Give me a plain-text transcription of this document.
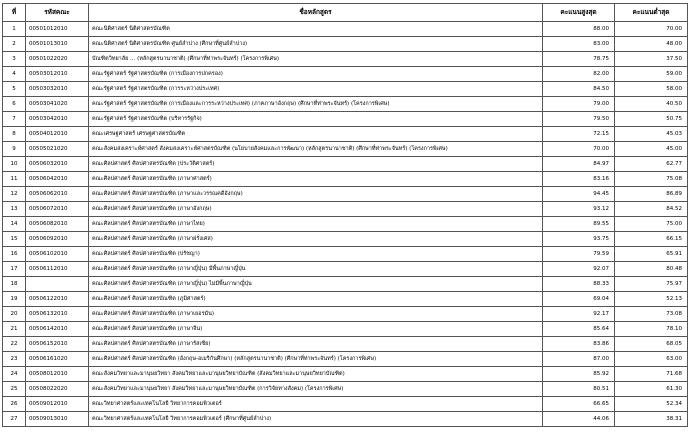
ที่	รหัสคณะ	ชื่อหลักสูตร	คะแนนสูงสุด	คะแนนต่ำสุด
1	00501012010	คณะนิติศาสตร์ นิติศาสตรบัณฑิต	88.00	70.00
2	00501013010	คณะนิติศาสตร์ นิติศาสตรบัณฑิต ศูนย์ลำปาง (ศึกษาที่ศูนย์ลำปาง)	83.00	48.00
3	00501022020	บัณฑิตวิทยาลัย ... (หลักสูตรนานาชาติ) (ศึกษาที่ท่าพระจันทร์) (โครงการพิเศษ)	78.75	37.50
4	00503012010	คณะรัฐศาสตร์ รัฐศาสตรบัณฑิต (การเมืองการปกครอง)	82.00	59.00
5	00503032010	คณะรัฐศาสตร์ รัฐศาสตรบัณฑิต (การระหว่างประเทศ)	84.50	58.00
6	00503041020	คณะรัฐศาสตร์ รัฐศาสตรบัณฑิต (การเมืองและการระหว่างประเทศ) (ภาคภาษาอังกฤษ) (ศึกษาที่ท่าพระจันทร์) (โครงการพิเศษ)	79.00	40.50
7	00503042010	คณะรัฐศาสตร์ รัฐศาสตรบัณฑิต (บริหารรัฐกิจ)	79.50	50.75
8	00504012010	คณะเศรษฐศาสตร์ เศรษฐศาสตรบัณฑิต	72.15	45.03
9	00505021020	คณะสังคมสงเคราะห์ศาสตร์ สังคมสงเคราะห์ศาสตรบัณฑิต (นโยบายสังคมและการพัฒนา) (หลักสูตรนานาชาติ) (ศึกษาที่ท่าพระจันทร์) (โครงการพิเศษ)	70.00	45.00
10	00506032010	คณะศิลปศาสตร์ ศิลปศาสตรบัณฑิต (ประวัติศาสตร์)	84.97	62.77
11	00506042010	คณะศิลปศาสตร์ ศิลปศาสตรบัณฑิต (ภาษาศาสตร์)	83.16	75.08
12	00506062010	คณะศิลปศาสตร์ ศิลปศาสตรบัณฑิต (ภาษาและวรรณคดีอังกฤษ)	94.45	86.89
13	00506072010	คณะศิลปศาสตร์ ศิลปศาสตรบัณฑิต (ภาษาอังกฤษ)	93.12	84.52
14	00506082010	คณะศิลปศาสตร์ ศิลปศาสตรบัณฑิต (ภาษาไทย)	89.55	75.00
15	00506092010	คณะศิลปศาสตร์ ศิลปศาสตรบัณฑิต (ภาษาฝรั่งเศส)	93.75	66.15
16	00506102010	คณะศิลปศาสตร์ ศิลปศาสตรบัณฑิต (ปรัชญา)	79.59	65.91
17	00506112010	คณะศิลปศาสตร์ ศิลปศาสตรบัณฑิต (ภาษาญี่ปุ่น) มีพื้นภาษาญี่ปุ่น	92.07	80.48
18		คณะศิลปศาสตร์ ศิลปศาสตรบัณฑิต (ภาษาญี่ปุ่น) ไม่มีพื้นภาษาญี่ปุ่น	88.33	75.97
19	00506122010	คณะศิลปศาสตร์ ศิลปศาสตรบัณฑิต (ภูมิศาสตร์)	69.04	52.13
20	00506132010	คณะศิลปศาสตร์ ศิลปศาสตรบัณฑิต (ภาษาเยอรมัน)	92.17	73.08
21	00506142010	คณะศิลปศาสตร์ ศิลปศาสตรบัณฑิต (ภาษาจีน)	85.64	78.10
22	00506152010	คณะศิลปศาสตร์ ศิลปศาสตรบัณฑิต (ภาษารัสเซีย)	83.86	68.05
23	00506161020	คณะศิลปศาสตร์ ศิลปศาสตรบัณฑิต (อังกฤษ-อเมริกันศึกษา) (หลักสูตรนานาชาติ) (ศึกษาที่ท่าพระจันทร์) (โครงการพิเศษ)	87.00	63.00
24	00508012010	คณะสังคมวิทยาและมานุษยวิทยา สังคมวิทยาและมานุษยวิทยาบัณฑิต (สังคมวิทยาและมานุษยวิทยาบัณฑิต)	85.92	71.68
25	00508022020	คณะสังคมวิทยาและมานุษยวิทยา สังคมวิทยาและมานุษยวิทยาบัณฑิต (การวิจัยทางสังคม) (โครงการพิเศษ)	80.51	61.30
26	00509012010	คณะวิทยาศาสตร์และเทคโนโลยี วิทยาการคอมพิวเตอร์	66.65	52.34
27	00509013010	คณะวิทยาศาสตร์และเทคโนโลยี วิทยาการคอมพิวเตอร์ (ศึกษาที่ศูนย์ลำปาง)	44.06	38.31
